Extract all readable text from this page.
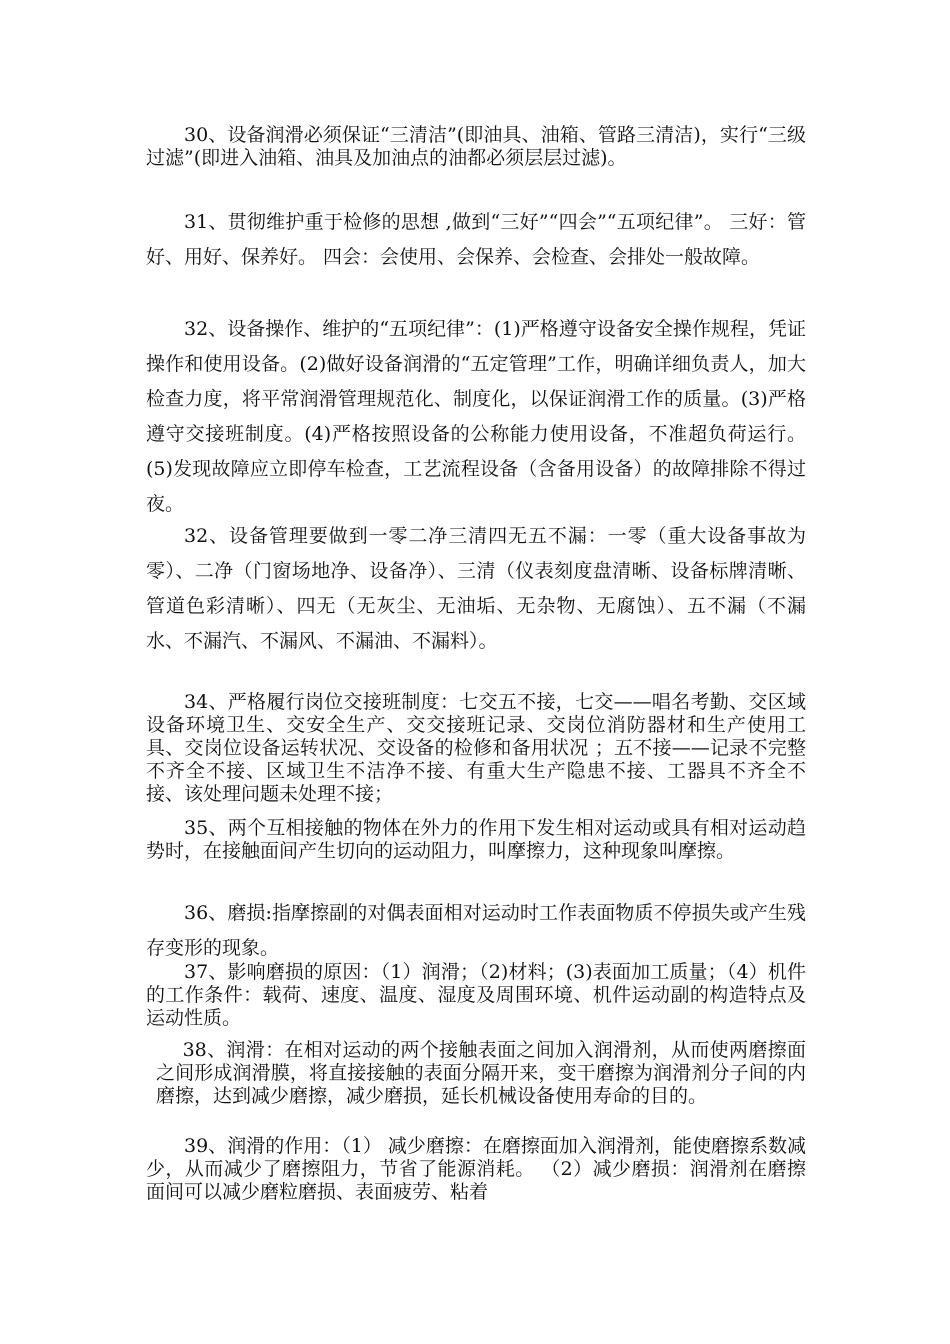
30、设备润滑必须保证“三清洁”(即油具、油箱、管路三清洁)，实行“三级过滤”(即进入油箱、油具及加油点的油都必须层层过滤)。

31、贯彻维护重于检修的思想 ,做到“三好”“四会”“五项纪律”。 三好：管好、用好、保养好。 四会：会使用、会保养、会检查、会排处一般故障。

32、设备操作、维护的“五项纪律”：(1)严格遵守设备安全操作规程，凭证操作和使用设备。(2)做好设备润滑的“五定管理”工作，明确详细负责人，加大检查力度，将平常润滑管理规范化、制度化，以保证润滑工作的质量。(3)严格遵守交接班制度。(4)严格按照设备的公称能力使用设备，不准超负荷运行。(5)发现故障应立即停车检查，工艺流程设备（含备用设备）的故障排除不得过夜。

32、设备管理要做到一零二净三清四无五不漏：一零（重大设备事故为零）、二净（门窗场地净、设备净）、三清（仪表刻度盘清晰、设备标牌清晰、管道色彩清晰）、四无（无灰尘、无油垢、无杂物、无腐蚀）、五不漏（不漏水、不漏汽、不漏风、不漏油、不漏料）。

34、严格履行岗位交接班制度：七交五不接，七交——唱名考勤、交区域设备环境卫生、交安全生产、交交接班记录、交岗位消防器材和生产使用工具、交岗位设备运转状况、交设备的检修和备用状况 ；五不接——记录不完整不齐全不接、区域卫生不洁净不接、有重大生产隐患不接、工器具不齐全不接、该处理问题未处理不接；

35、两个互相接触的物体在外力的作用下发生相对运动或具有相对运动趋势时，在接触面间产生切向的运动阻力，叫摩擦力，这种现象叫摩擦。

36、磨损:指摩擦副的对偶表面相对运动时工作表面物质不停损失或产生残存变形的现象。

37、影响磨损的原因：（1）润滑；（2)材料；(3)表面加工质量；（4）机件的工作条件：载荷、速度、温度、湿度及周围环境、机件运动副的构造特点及运动性质。

38、润滑：在相对运动的两个接触表面之间加入润滑剂，从而使两磨擦面之间形成润滑膜，将直接接触的表面分隔开来，变干磨擦为润滑剂分子间的内磨擦，达到减少磨擦，减少磨损，延长机械设备使用寿命的目的。

39、润滑的作用：（1） 减少磨擦：在磨擦面加入润滑剂，能使磨擦系数减少，从而减少了磨擦阻力，节省了能源消耗。 （2）减少磨损：润滑剂在磨擦面间可以减少磨粒磨损、表面疲劳、粘着
